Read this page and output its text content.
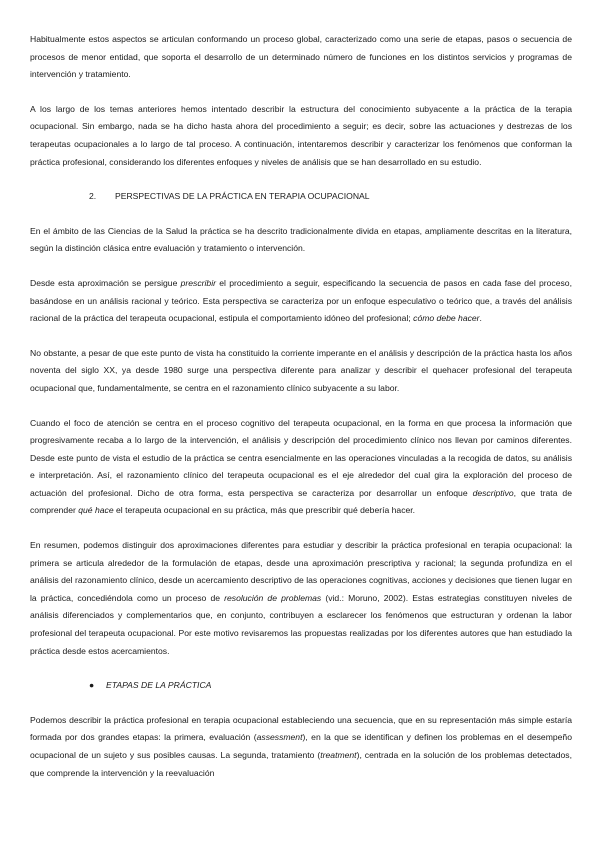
Habitualmente estos aspectos se articulan conformando un proceso global, caracterizado como una serie de etapas, pasos o secuencia de procesos de menor entidad, que soporta el desarrollo de un determinado número de funciones en los distintos servicios y programas de intervención y tratamiento.

A los largo de los temas anteriores hemos intentado describir la estructura del conocimiento subyacente a la práctica de la terapia ocupacional. Sin embargo, nada se ha dicho hasta ahora del procedimiento a seguir; es decir, sobre las actuaciones y destrezas de los terapeutas ocupacionales a lo largo de tal proceso. A continuación, intentaremos describir y caracterizar los fenómenos que conforman la práctica profesional, considerando los diferentes enfoques y niveles de análisis que se han desarrollado en su estudio.

2. PERSPECTIVAS DE LA PRÁCTICA EN TERAPIA OCUPACIONAL

En el ámbito de las Ciencias de la Salud la práctica se ha descrito tradicionalmente divida en etapas, ampliamente descritas en la literatura, según la distinción clásica entre evaluación y tratamiento o intervención.

Desde esta aproximación se persigue prescribir el procedimiento a seguir, especificando la secuencia de pasos en cada fase del proceso, basándose en un análisis racional y teórico. Esta perspectiva se caracteriza por un enfoque especulativo o teórico que, a través del análisis racional de la práctica del terapeuta ocupacional, estipula el comportamiento idóneo del profesional; cómo debe hacer.

No obstante, a pesar de que este punto de vista ha constituido la corriente imperante en el análisis y descripción de la práctica hasta los años noventa del siglo XX, ya desde 1980 surge una perspectiva diferente para analizar y describir el quehacer profesional del terapeuta ocupacional que, fundamentalmente, se centra en el razonamiento clínico subyacente a su labor.

Cuando el foco de atención se centra en el proceso cognitivo del terapeuta ocupacional, en la forma en que procesa la información que progresivamente recaba a lo largo de la intervención, el análisis y descripción del procedimiento clínico nos llevan por caminos diferentes. Desde este punto de vista el estudio de la práctica se centra esencialmente en las operaciones vinculadas a la recogida de datos, su análisis e interpretación. Así, el razonamiento clínico del terapeuta ocupacional es el eje alrededor del cual gira la exploración del proceso de actuación del profesional. Dicho de otra forma, esta perspectiva se caracteriza por desarrollar un enfoque descriptivo, que trata de comprender qué hace el terapeuta ocupacional en su práctica, más que prescribir qué debería hacer.

En resumen, podemos distinguir dos aproximaciones diferentes para estudiar y describir la práctica profesional en terapia ocupacional: la primera se articula alrededor de la formulación de etapas, desde una aproximación prescriptiva y racional; la segunda profundiza en el análisis del razonamiento clínico, desde un acercamiento descriptivo de las operaciones cognitivas, acciones y decisiones que tienen lugar en la práctica, concediéndola como un proceso de resolución de problemas (vid.: Moruno, 2002). Estas estrategias constituyen niveles de análisis diferenciados y complementarios que, en conjunto, contribuyen a esclarecer los fenómenos que estructuran y ordenan la labor profesional del terapeuta ocupacional. Por este motivo revisaremos las propuestas realizadas por los diferentes autores que han estudiado la práctica desde estos acercamientos.

● ETAPAS DE LA PRÁCTICA

Podemos describir la práctica profesional en terapia ocupacional estableciendo una secuencia, que en su representación más simple estaría formada por dos grandes etapas: la primera, evaluación (assessment), en la que se identifican y definen los problemas en el desempeño ocupacional de un sujeto y sus posibles causas. La segunda, tratamiento (treatment), centrada en la solución de los problemas detectados, que comprende la intervención y la reevaluación
